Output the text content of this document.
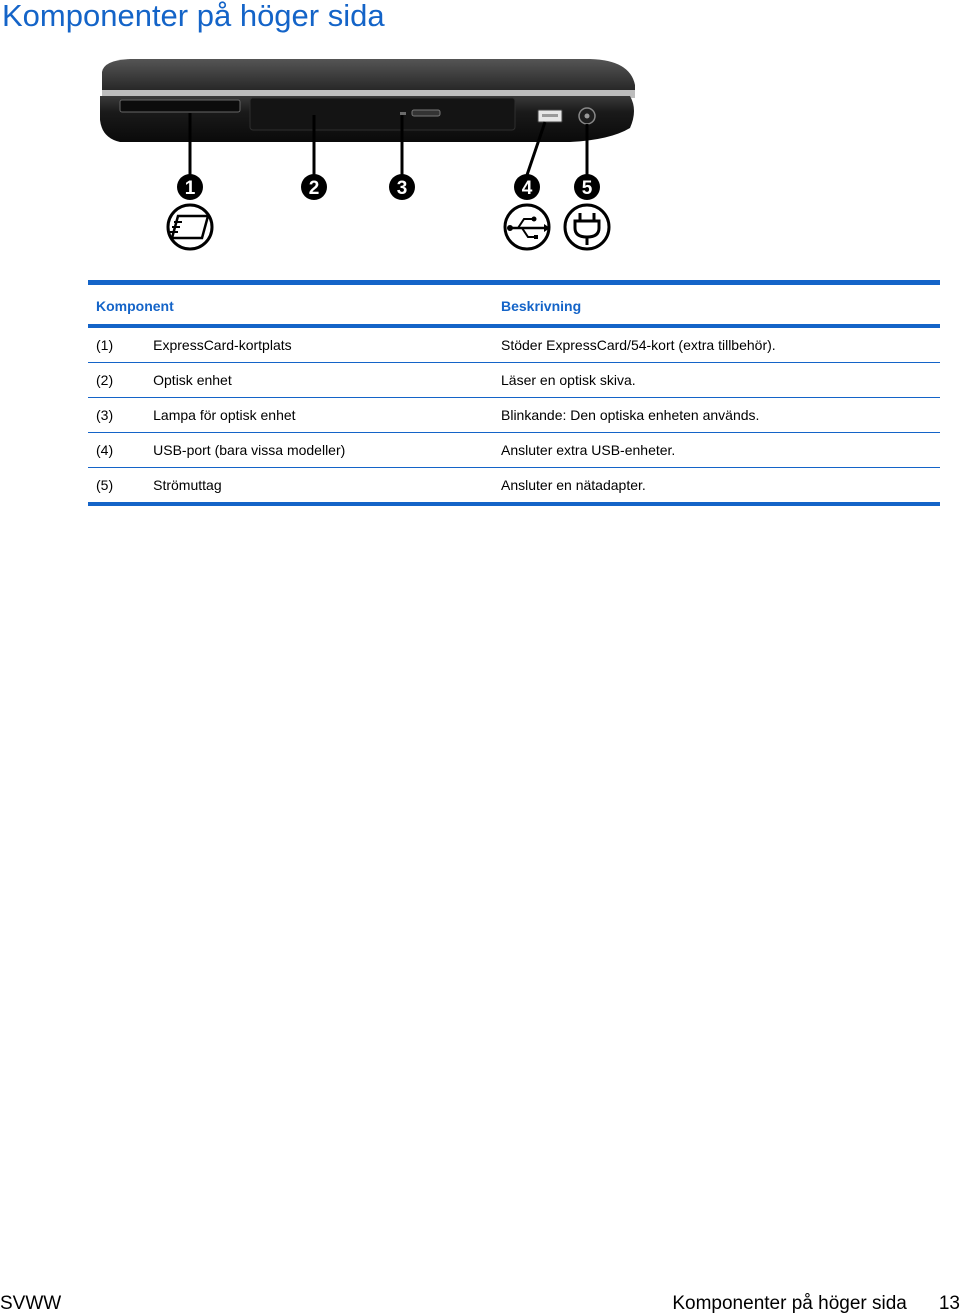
Komponenter på höger sida
1	2	3	4	5
Komponent		Beskrivning
(1)	ExpressCard-kortplats	Stöder ExpressCard/54-kort (extra tillbehör).
(2)	Optisk enhet	Läser en optisk skiva.
(3)	Lampa för optisk enhet	Blinkande: Den optiska enheten används.
(4)	USB-port (bara vissa modeller)	Ansluter extra USB-enheter.
(5)	Strömuttag	Ansluter en nätadapter.
SVWW	Komponenter på höger sida 13
